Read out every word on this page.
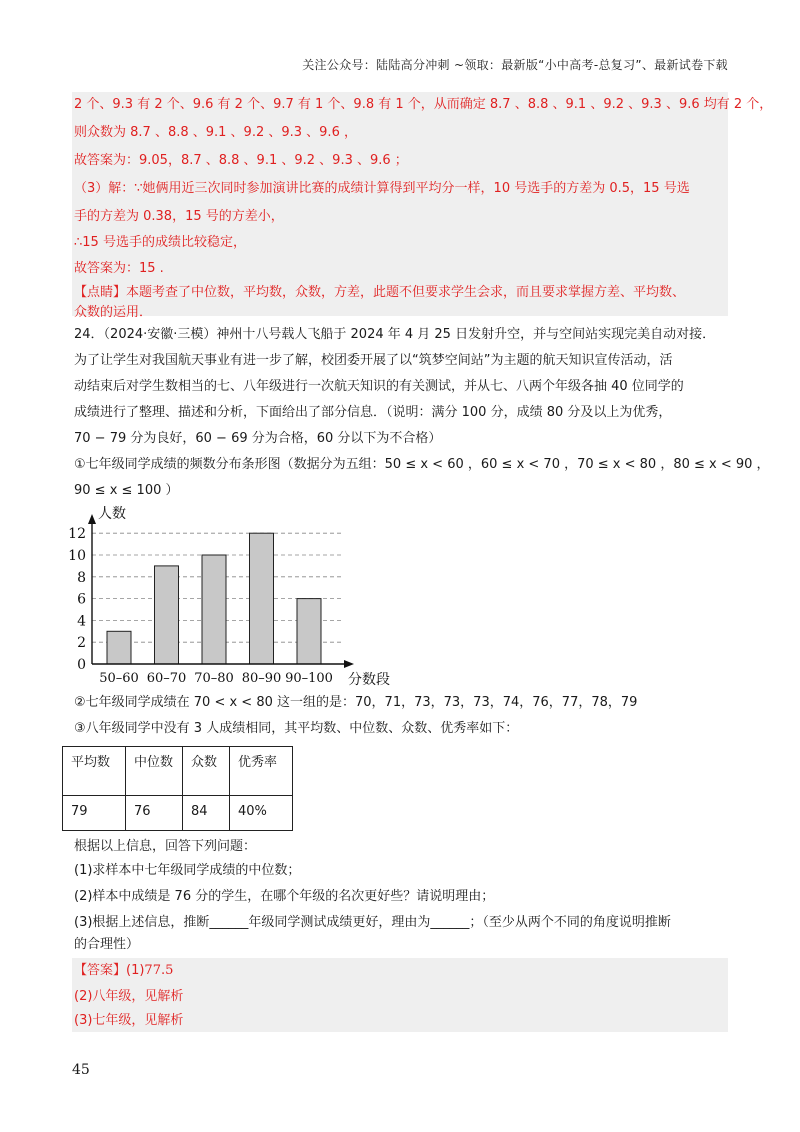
关注公众号：陆陆高分冲刺 ~领取：最新版“小中高考-总复习”、最新试卷下载
2 个、9.3 有 2 个、9.6 有 2 个、9.7 有 1 个、9.8 有 1 个，从而确定 8.7 、8.8 、9.1 、9.2 、9.3 、9.6 均有 2 个，
则众数为 8.7 、8.8 、9.1 、9.2 、9.3 、9.6 ，
故答案为：9.05，8.7 、8.8 、9.1 、9.2 、9.3 、9.6 ；
（3）解：∵她俩用近三次同时参加演讲比赛的成绩计算得到平均分一样，10 号选手的方差为 0.5，15 号选
手的方差为 0.38，15 号的方差小，
∴15 号选手的成绩比较稳定，
故答案为：15 .
【点睛】本题考查了中位数，平均数，众数，方差，此题不但要求学生会求，而且要求掌握方差、平均数、
众数的运用．
24．（2024·安徽·三模）神州十八号载人飞船于 2024 年 4 月 25 日发射升空，并与空间站实现完美自动对接．
为了让学生对我国航天事业有进一步了解，校团委开展了以“筑梦空间站”为主题的航天知识宣传活动，活
动结束后对学生数相当的七、八年级进行一次航天知识的有关测试，并从七、八两个年级各抽 40 位同学的
成绩进行了整理、描述和分析，下面给出了部分信息．（说明：满分 100 分，成绩 80 分及以上为优秀，
70 − 79 分为良好，60 − 69 分为合格，60 分以下为不合格）
①七年级同学成绩的频数分布条形图（数据分为五组：50 ≤ x < 60 ，60 ≤ x < 70 ，70 ≤ x < 80 ，80 ≤ x < 90 ，
90 ≤ x ≤ 100 ）
0
2
4
6
8
10
12
50–60 60–70 70–80 80–90 90–100
人数
分数段
②七年级同学成绩在 70 < x < 80 这一组的是：70，71，73，73，73，74，76，77，78，79
③八年级同学中没有 3 人成绩相同，其平均数、中位数、众数、优秀率如下：
平均数	中位数	众数	优秀率
79	76	84	40%
根据以上信息，回答下列问题：
(1)求样本中七年级同学成绩的中位数；
(2)样本中成绩是 76 分的学生，在哪个年级的名次更好些？请说明理由；
(3)根据上述信息，推断______年级同学测试成绩更好，理由为______；（至少从两个不同的角度说明推断
的合理性）
【答案】(1)77.5
(2)八年级，见解析
(3)七年级，见解析
45
